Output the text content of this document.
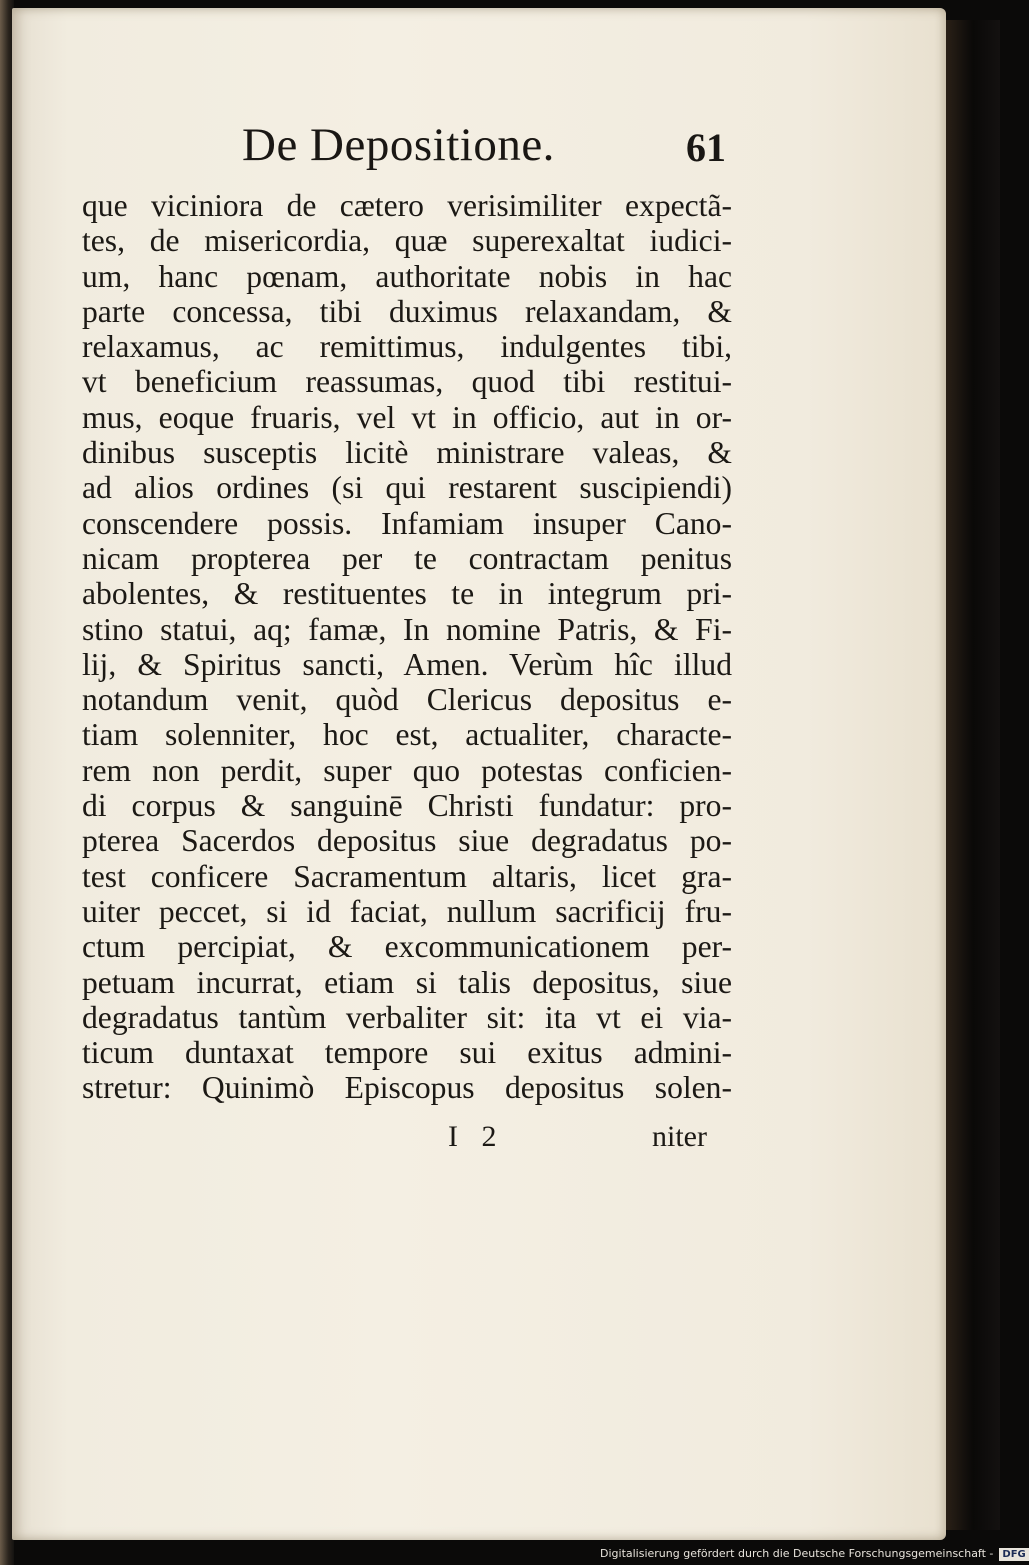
De Depositione.	61
que viciniora de cætero verisimiliter expectã-
tes, de misericordia, quæ superexaltat iudici-
um, hanc pœnam, authoritate nobis in hac
parte concessa, tibi duximus relaxandam, &
relaxamus, ac remittimus, indulgentes tibi,
vt beneficium reassumas, quod tibi restitui-
mus, eoque fruaris, vel vt in officio, aut in or-
dinibus susceptis licitè ministrare valeas, &
ad alios ordines (si qui restarent suscipiendi)
conscendere possis. Infamiam insuper Cano-
nicam propterea per te contractam penitus
abolentes, & restituentes te in integrum pri-
stino statui, aq; famæ, In nomine Patris, & Fi-
lij, & Spiritus sancti, Amen. Verùm hîc illud
notandum venit, quòd Clericus depositus e-
tiam solenniter, hoc est, actualiter, characte-
rem non perdit, super quo potestas conficien-
di corpus & sanguinē Christi fundatur: pro-
pterea Sacerdos depositus siue degradatus po-
test conficere Sacramentum altaris, licet gra-
uiter peccet, si id faciat, nullum sacrificij fru-
ctum percipiat, & excommunicationem per-
petuam incurrat, etiam si talis depositus, siue
degradatus tantùm verbaliter sit: ita vt ei via-
ticum duntaxat tempore sui exitus admini-
stretur: Quinimò Episcopus depositus solen-
I 2	niter
Digitalisierung gefördert durch die Deutsche Forschungsgemeinschaft - DFG
